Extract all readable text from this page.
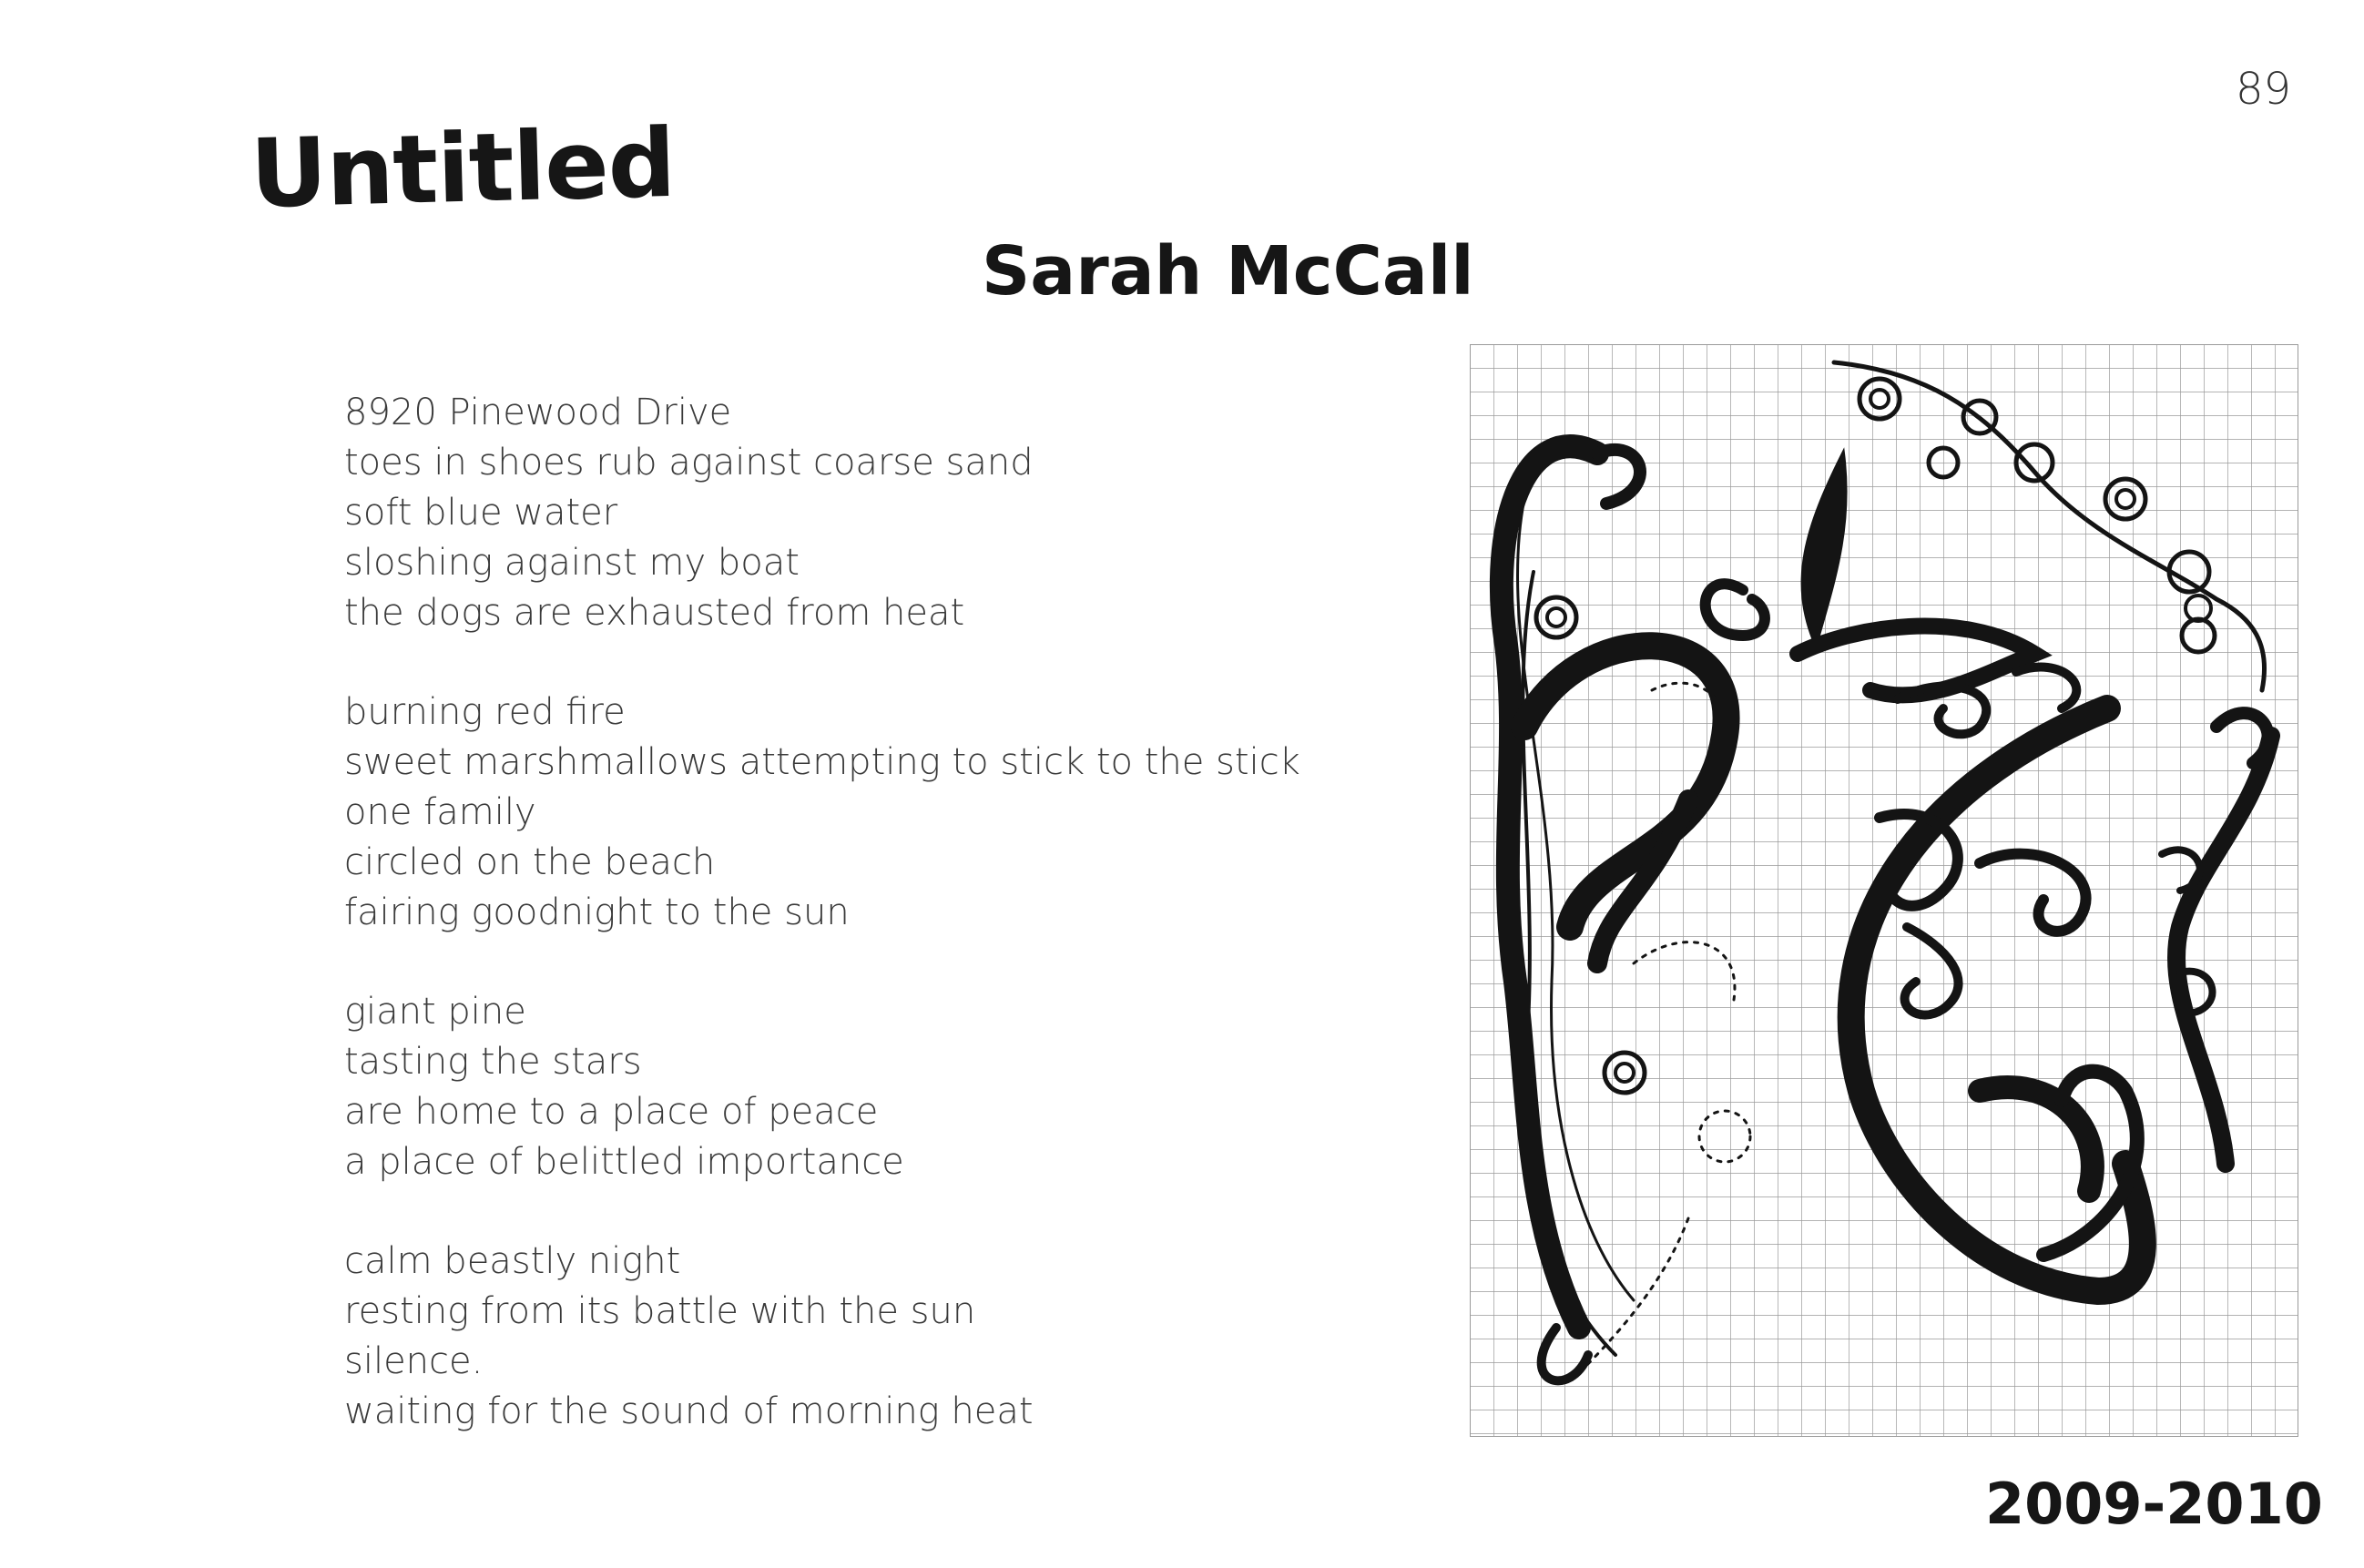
89
Untitled
Sarah McCall
8920 Pinewood Drive
toes in shoes rub against coarse sand
soft blue water
sloshing against my boat
the dogs are exhausted from heat
burning red fire
sweet marshmallows attempting to stick to the stick
one family
circled on the beach
fairing goodnight to the sun
giant pine
tasting the stars
are home to a place of peace
a place of belittled importance
calm beastly night
resting from its battle with the sun
silence.
waiting for the sound of morning heat
2009-2010
